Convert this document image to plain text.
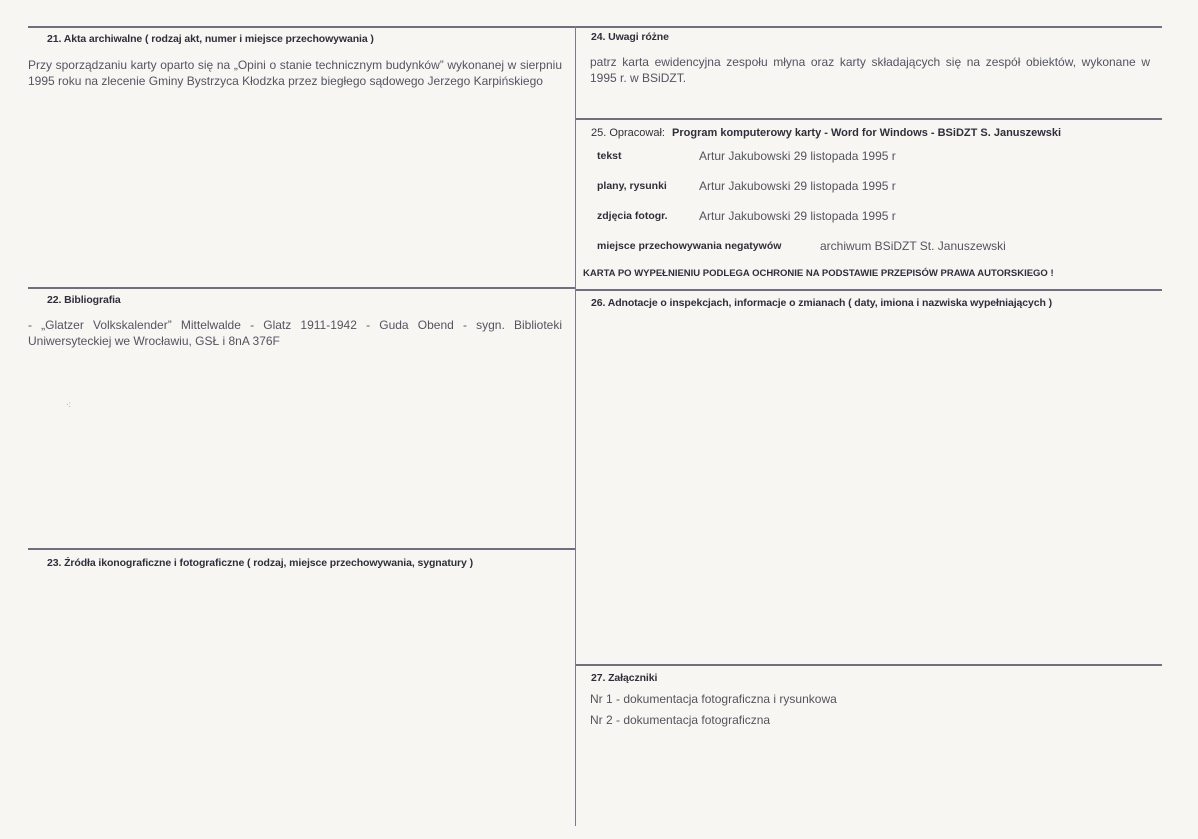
21. Akta archiwalne ( rodzaj akt, numer i miejsce przechowywania )
Przy sporządzaniu karty oparto się na „Opini o stanie technicznym budynków” wykonanej w sierpniu 1995 roku na zlecenie Gminy Bystrzyca Kłodzka przez biegłego sądowego Jerzego Karpińskiego
24. Uwagi różne
patrz karta ewidencyjna zespołu młyna oraz karty składających się na zespół obiektów, wykonane w 1995 r. w BSiDZT.
25. Opracował: Program komputerowy karty - Word for Windows - BSiDZT S. Januszewski
tekst	Artur Jakubowski 29 listopada 1995 r
plany, rysunki	Artur Jakubowski 29 listopada 1995 r
zdjęcia fotogr.	Artur Jakubowski 29 listopada 1995 r
miejsce przechowywania negatywów	archiwum BSiDZT St. Januszewski
KARTA PO WYPEŁNIENIU PODLEGA OCHRONIE NA PODSTAWIE PRZEPISÓW PRAWA AUTORSKIEGO !
22. Bibliografia
- „Glatzer Volkskalender” Mittelwalde - Glatz 1911-1942 - Guda Obend - sygn. Biblioteki Uniwersyteckiej we Wrocławiu, GSŁ i 8nA 376F
·:
26. Adnotacje o inspekcjach, informacje o zmianach ( daty, imiona i nazwiska wypełniających )
23. Źródła ikonograficzne i fotograficzne ( rodzaj, miejsce przechowywania, sygnatury )
27. Załączniki
Nr 1 - dokumentacja fotograficzna i rysunkowa
Nr 2 - dokumentacja fotograficzna
